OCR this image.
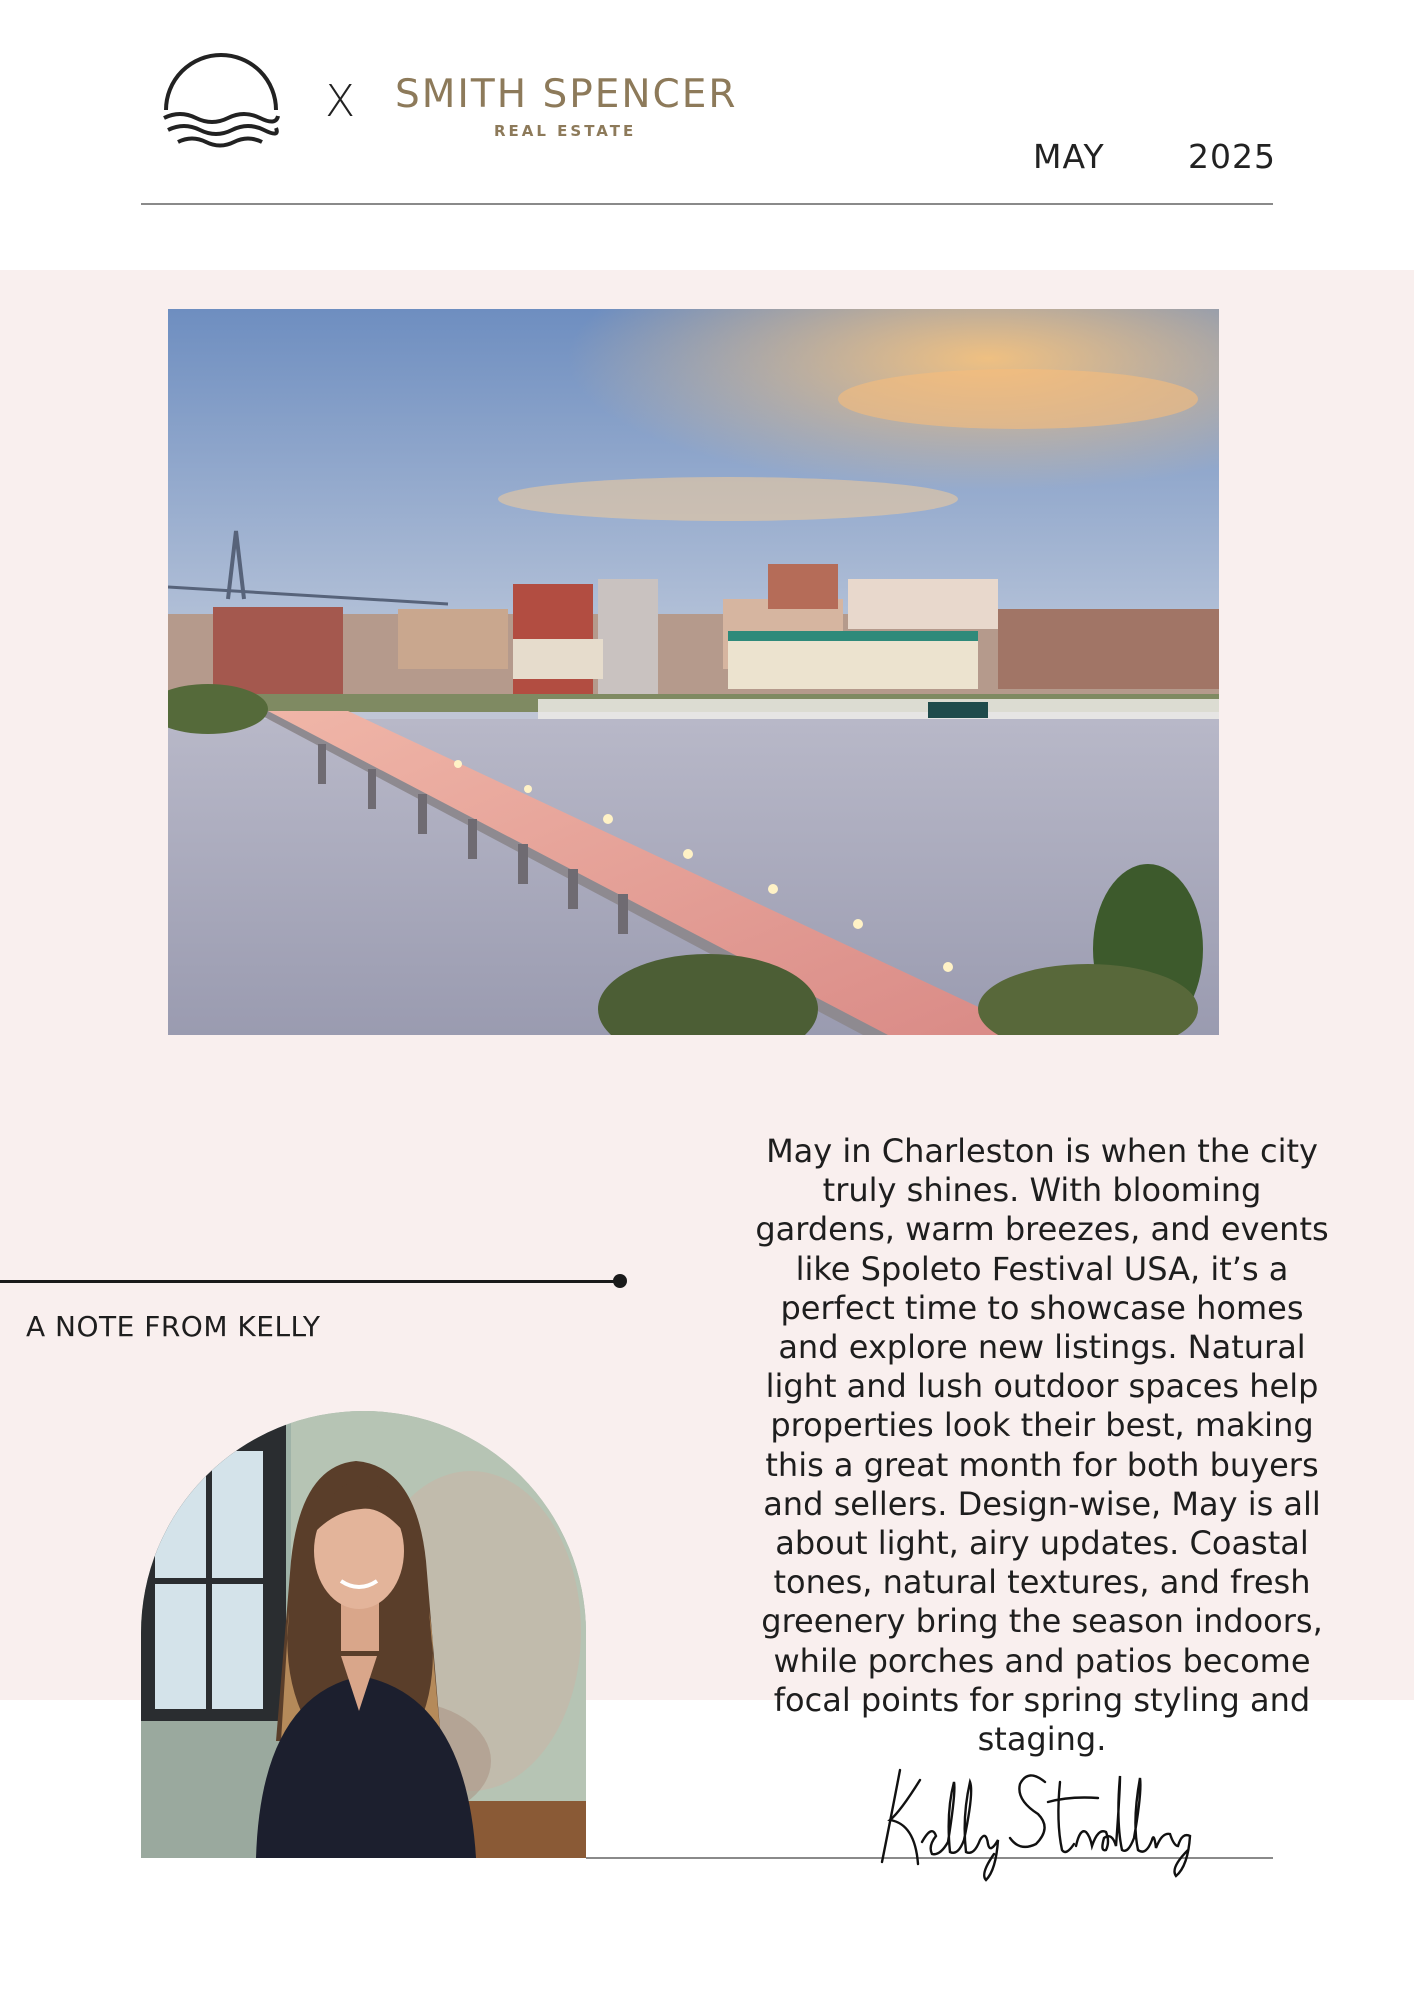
X SMITH SPENCER
REAL ESTATE
MAY	2025
A NOTE FROM KELLY
May in Charleston is when the city truly shines. With blooming gardens, warm breezes, and events like Spoleto Festival USA, it’s a perfect time to showcase homes and explore new listings. Natural light and lush outdoor spaces help properties look their best, making this a great month for both buyers and sellers. Design-wise, May is all about light, airy updates. Coastal tones, natural textures, and fresh greenery bring the season indoors, while porches and patios become focal points for spring styling and staging.
